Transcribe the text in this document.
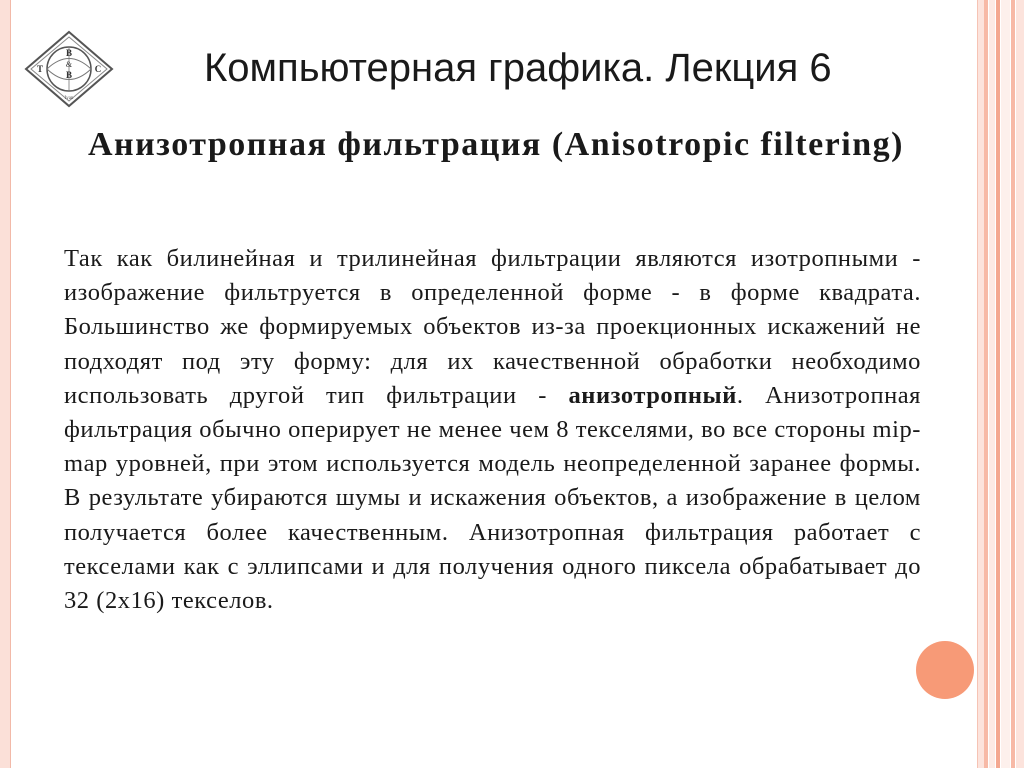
B
&
B
T	C
Ivan
Компьютерная графика. Лекция 6
Анизотропная фильтрация (Anisotropic filtering)
Так как билинейная и трилинейная фильтрации являются изотропными - изображение фильтруется в определенной форме - в форме квадрата. Большинство же формируемых объектов из-за проекционных искажений не подходят под эту форму: для их качественной обработки необходимо использовать другой тип фильтрации - анизотропный. Анизотропная фильтрация обычно оперирует не менее чем 8 текселями, во все стороны mip-map уровней, при этом используется модель неопределенной заранее формы. В результате убираются шумы и искажения объектов, а изображение в целом получается более качественным. Анизотропная фильтрация работает с текселами как с эллипсами и для получения одного пиксела обрабатывает до 32 (2x16) текселов.
